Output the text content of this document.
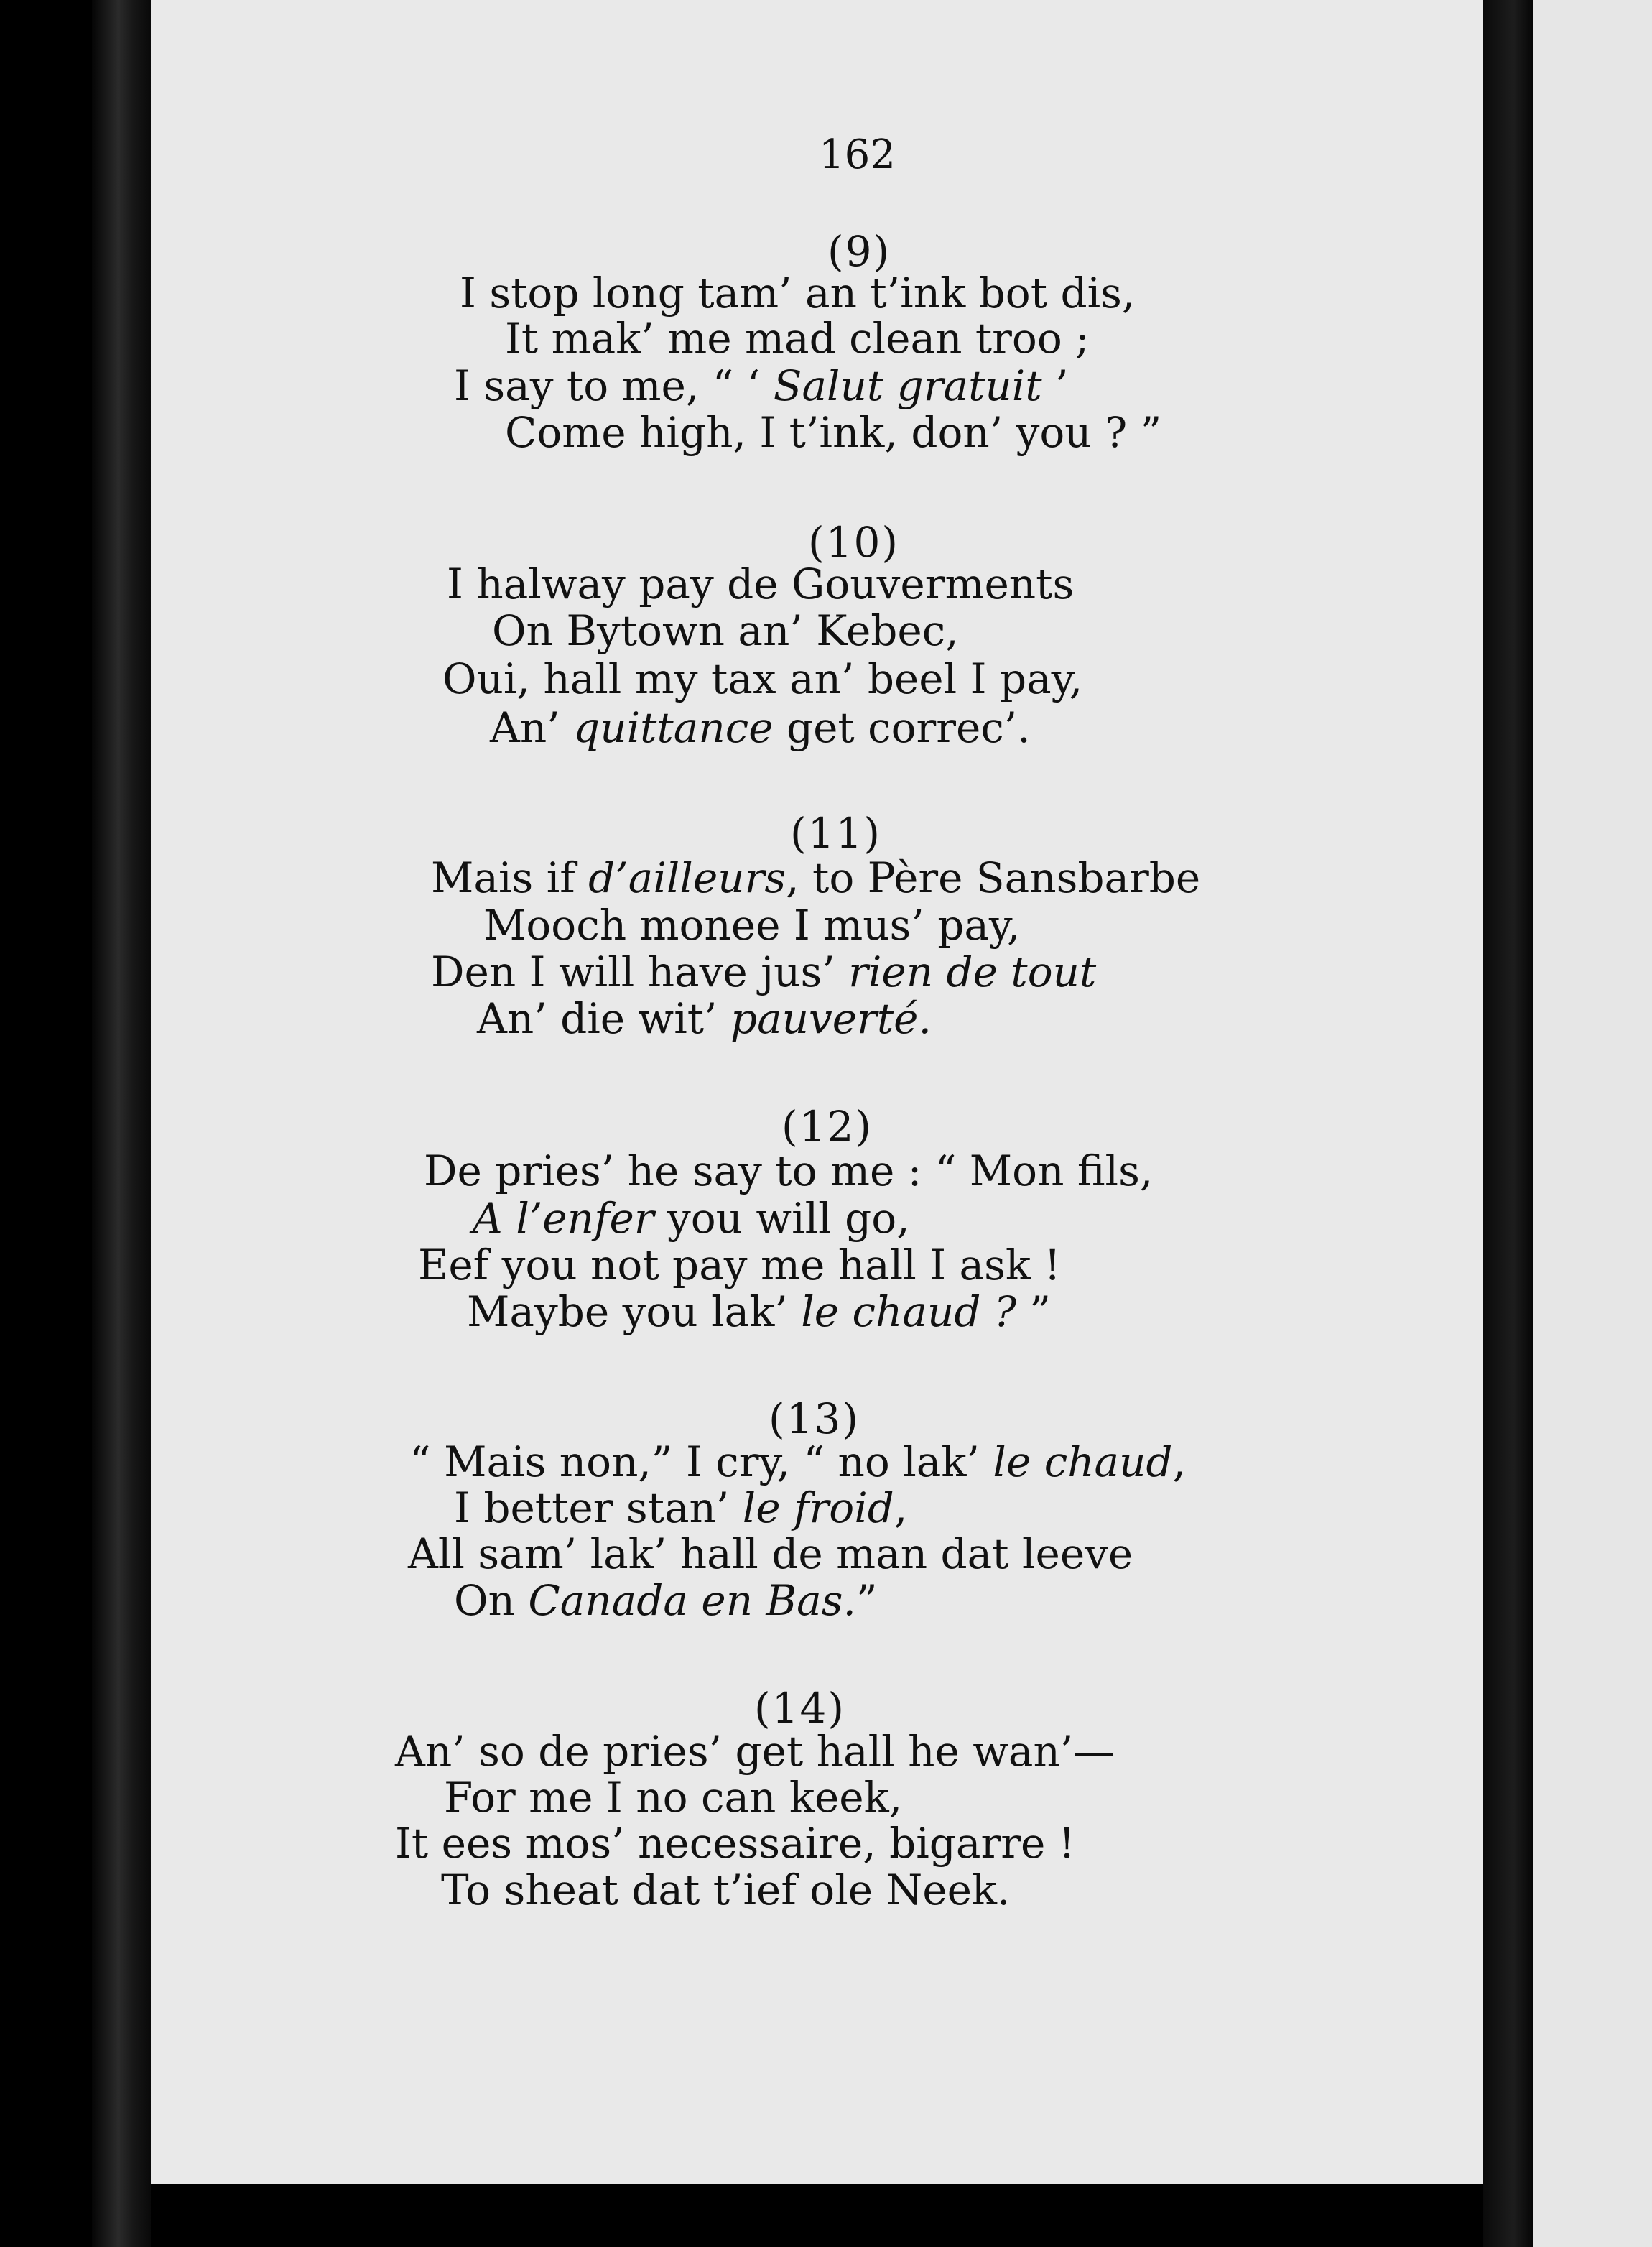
162
(9)
I stop long tam’ an t’ink bot dis,
It mak’ me mad clean troo ;
I say to me, “ ‘ Salut gratuit ’
Come high, I t’ink, don’ you ? ”
(10)
I halway pay de Gouverments
On Bytown an’ Kebec,
Oui, hall my tax an’ beel I pay,
An’ quittance get correc’.
(11)
Mais if d’ailleurs, to Père Sansbarbe
Mooch monee I mus’ pay,
Den I will have jus’ rien de tout
An’ die wit’ pauverté.
(12)
De pries’ he say to me : “ Mon fils,
A l’enfer you will go,
Eef you not pay me hall I ask !
Maybe you lak’ le chaud ? ”
(13)
“ Mais non,” I cry, “ no lak’ le chaud,
I better stan’ le froid,
All sam’ lak’ hall de man dat leeve
On Canada en Bas.”
(14)
An’ so de pries’ get hall he wan’—
For me I no can keek,
It ees mos’ necessaire, bigarre !
To sheat dat t’ief ole Neek.
